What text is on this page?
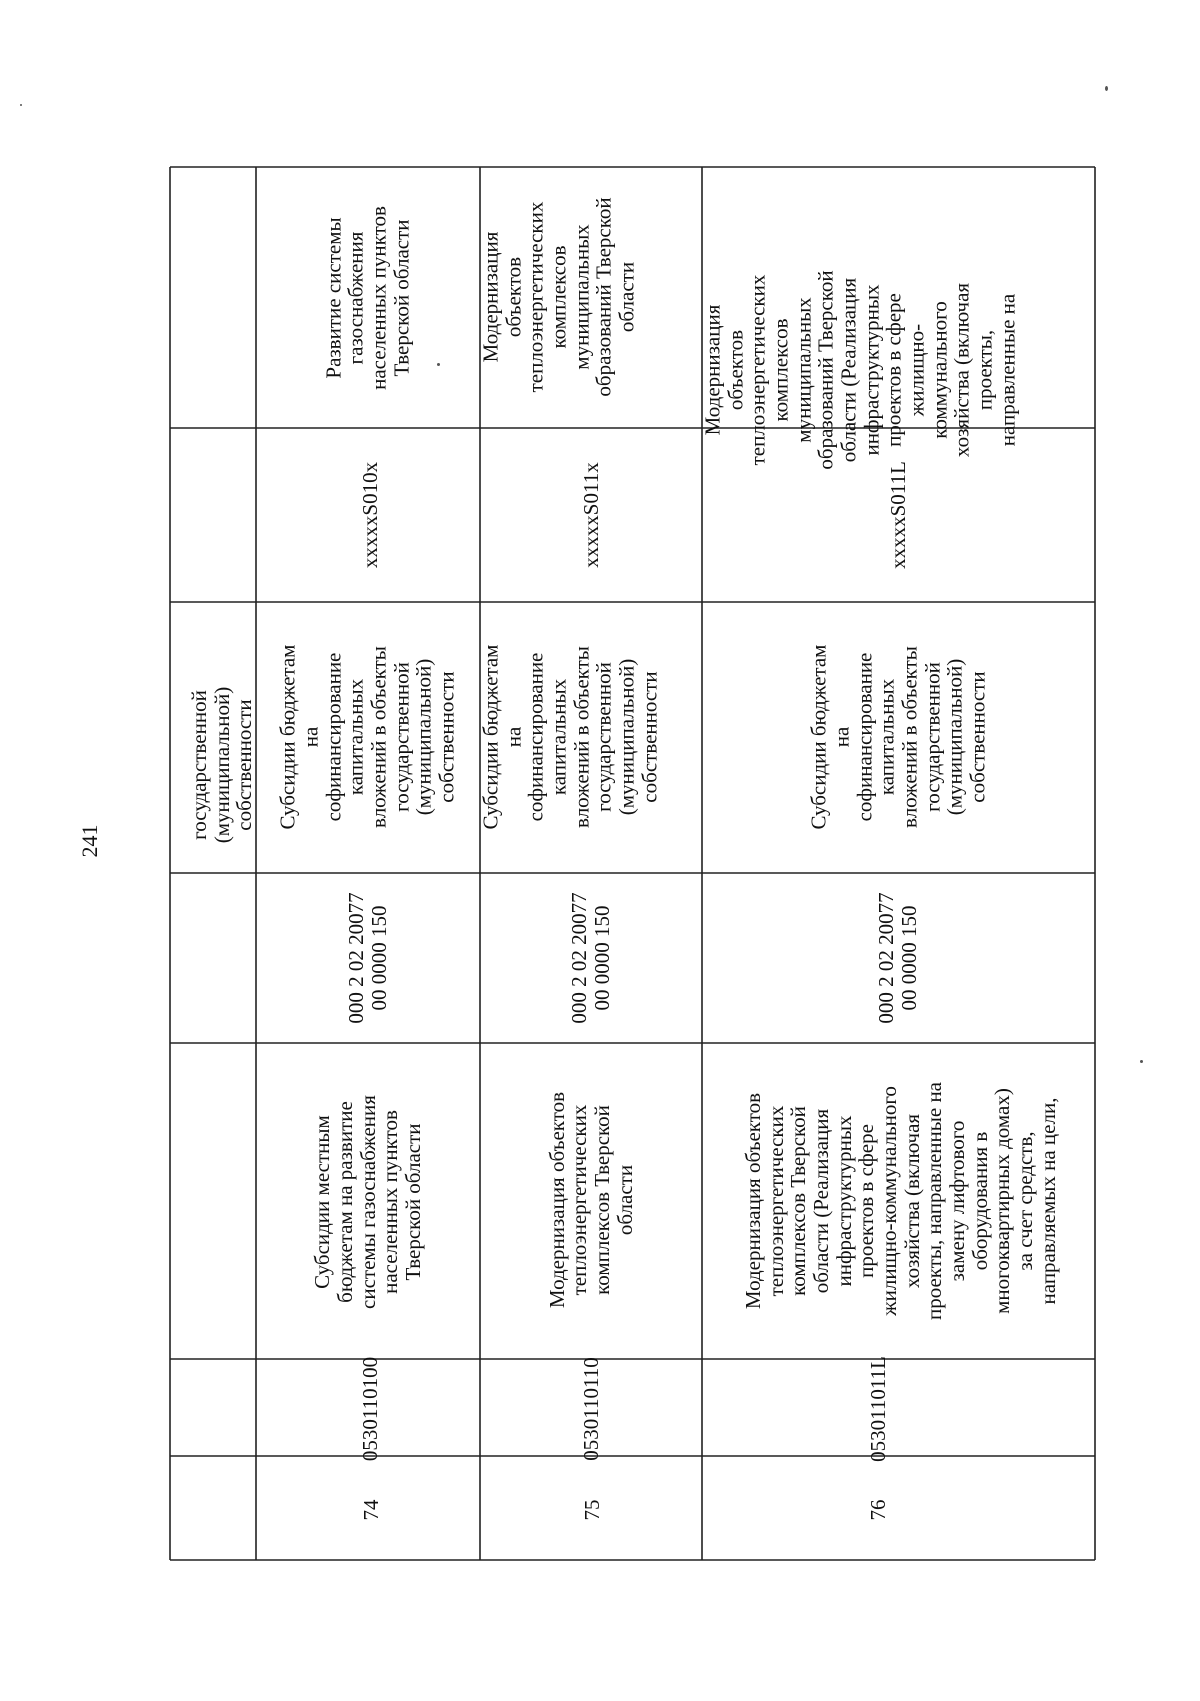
241
государственной
(муниципальной)
собственности
74
0530110100
Субсидии местным
бюджетам на развитие
системы газоснабжения
населенных пунктов
Тверской области
000 2 02 20077
00 0000 150
Субсидии бюджетам
на
софинансирование
капитальных
вложений в объекты
государственной
(муниципальной)
собственности
xxxxxS010x
Развитие системы
газоснабжения
населенных пунктов
Тверской области
75
0530110110
Модернизация объектов
теплоэнергетических
комплексов Тверской
области
000 2 02 20077
00 0000 150
Субсидии бюджетам
на
софинансирование
капитальных
вложений в объекты
государственной
(муниципальной)
собственности
xxxxxS011x
Модернизация
объектов
теплоэнергетических
комплексов
муниципальных
образований Тверской
области
76
053011011L
Модернизация объектов
теплоэнергетических
комплексов Тверской
области (Реализация
инфраструктурных
проектов в сфере
жилищно-коммунального
хозяйства (включая
проекты, направленные на
замену лифтового
оборудования в
многоквартирных домах)
за счет средств,
направляемых на цели,
000 2 02 20077
00 0000 150
Субсидии бюджетам
на
софинансирование
капитальных
вложений в объекты
государственной
(муниципальной)
собственности
xxxxxS011L
Модернизация
объектов
теплоэнергетических
комплексов
муниципальных
образований Тверской
области (Реализация
инфраструктурных
проектов в сфере
жилищно-
коммунального
хозяйства (включая
проекты,
направленные на
